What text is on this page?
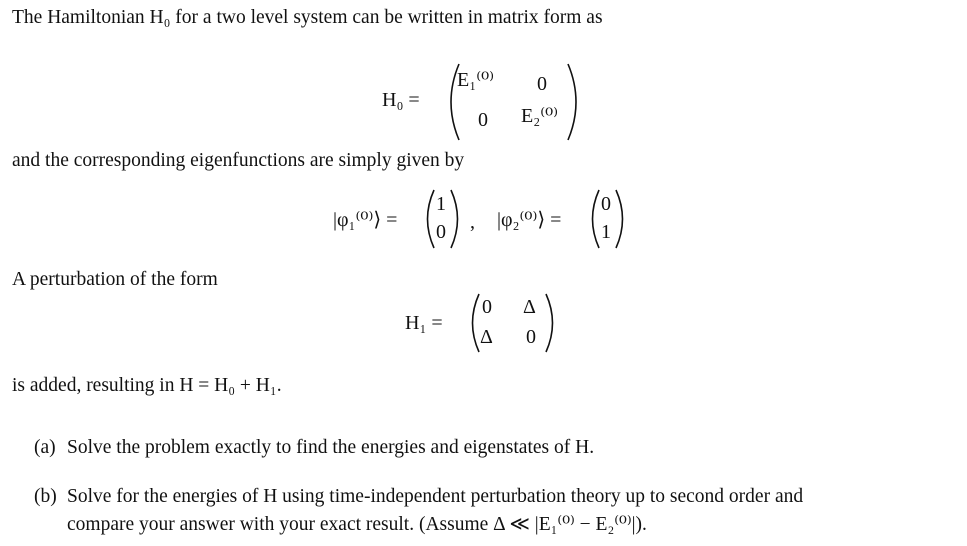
The Hamiltonian H₀ for a two level system can be written in matrix form as
H₀ =
E₁⁽⁰⁾ 0
0 E₂⁽⁰⁾
and the corresponding eigenfunctions are simply given by
|φ₁⁽⁰⁾⟩ =
1
0 , |φ₂⁽⁰⁾⟩ =
0
1
A perturbation of the form
H₁ =
0 Δ
Δ 0
is added, resulting in H = H₀ + H₁.
(a) Solve the problem exactly to find the energies and eigenstates of H.
(b) Solve for the energies of H using time-independent perturbation theory up to second order and
compare your answer with your exact result. (Assume Δ ≪ |E₁⁽⁰⁾ − E₂⁽⁰⁾|).
